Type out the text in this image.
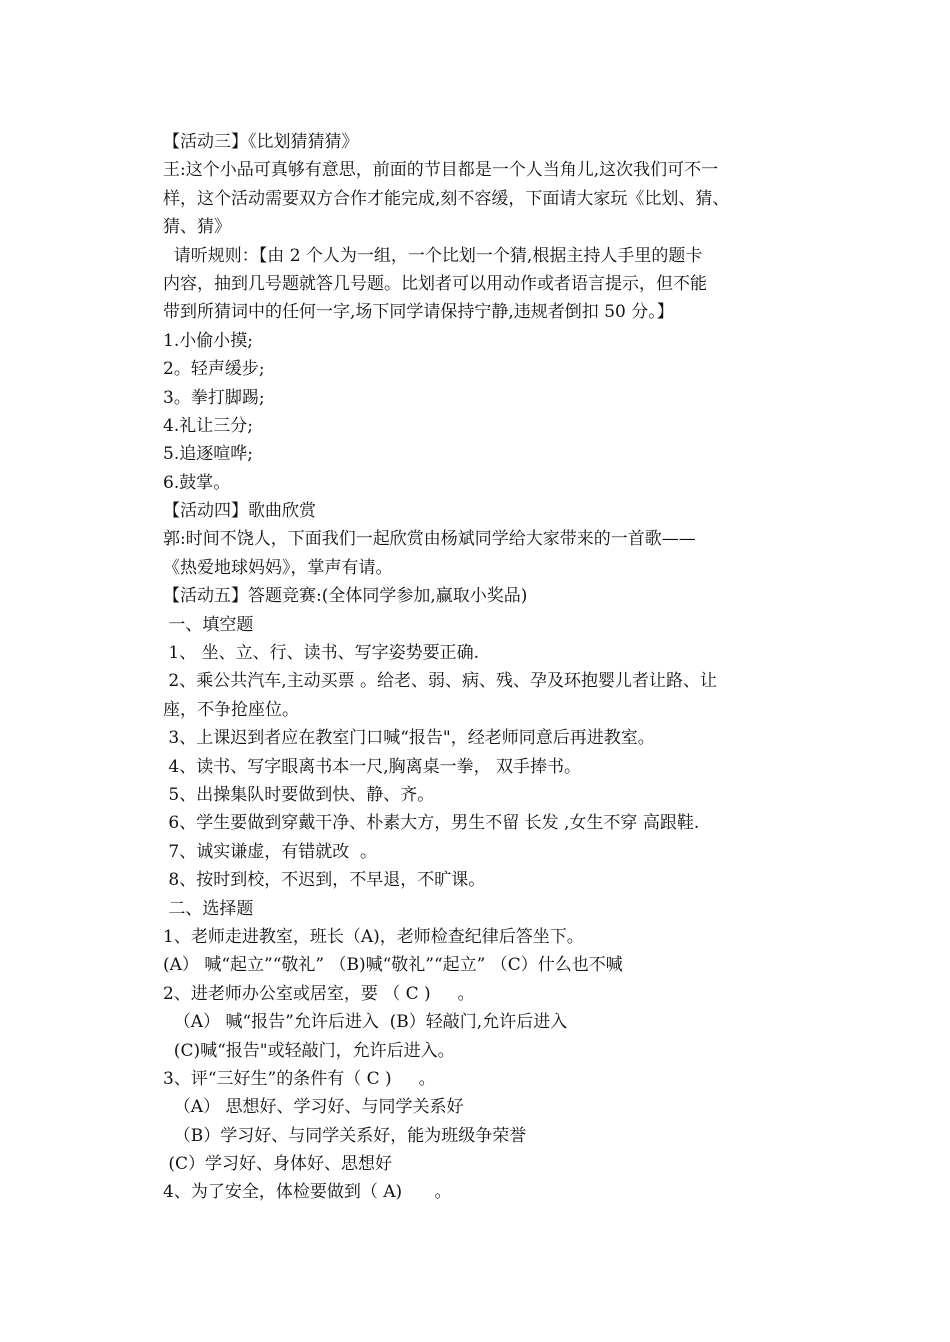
【活动三】《比划猜猜猜》
王:这个小品可真够有意思，前面的节目都是一个人当角儿,这次我们可不一
样，这个活动需要双方合作才能完成,刻不容缓，下面请大家玩《比划、猜、
猜、猜》
请听规则：【由 2 个人为一组，一个比划一个猜,根据主持人手里的题卡
内容，抽到几号题就答几号题。比划者可以用动作或者语言提示，但不能
带到所猜词中的任何一字,场下同学请保持宁静,违规者倒扣 50 分。】
1.小偷小摸;
2。轻声缓步;
3。拳打脚踢;
4.礼让三分;
5.追逐喧哗;
6.鼓掌。
【活动四】歌曲欣赏
郭:时间不饶人，下面我们一起欣赏由杨斌同学给大家带来的一首歌——
《热爱地球妈妈》，掌声有请。
【活动五】答题竞赛:(全体同学参加,赢取小奖品)
一、填空题
1、 坐、立、行、读书、写字姿势要正确.
2、乘公共汽车,主动买票 。给老、弱、病、残、孕及环抱婴儿者让路、让
座，不争抢座位。
3、上课迟到者应在教室门口喊“报告"，经老师同意后再进教室。
4、读书、写字眼离书本一尺,胸离桌一拳， 双手捧书。
5、出操集队时要做到快、静、齐。
6、学生要做到穿戴干净、朴素大方，男生不留 长发 ,女生不穿 高跟鞋.
7、诚实谦虚，有错就改  。
8、按时到校，不迟到，不早退，不旷课。
二、选择题
1、老师走进教室，班长（A)，老师检查纪律后答坐下。
(A） 喊“起立”“敬礼” （B)喊“敬礼”“起立” （C）什么也不喊
2、进老师办公室或居室，要 （ C )     。
（A） 喊“报告”允许后进入  (B）轻敲门,允许后进入
(C)喊“报告"或轻敲门，允许后进入。
3、评“三好生”的条件有（ C )     。
（A） 思想好、学习好、与同学关系好
（B）学习好、与同学关系好，能为班级争荣誉
(C）学习好、身体好、思想好
4、为了安全，体检要做到（ A)      。
